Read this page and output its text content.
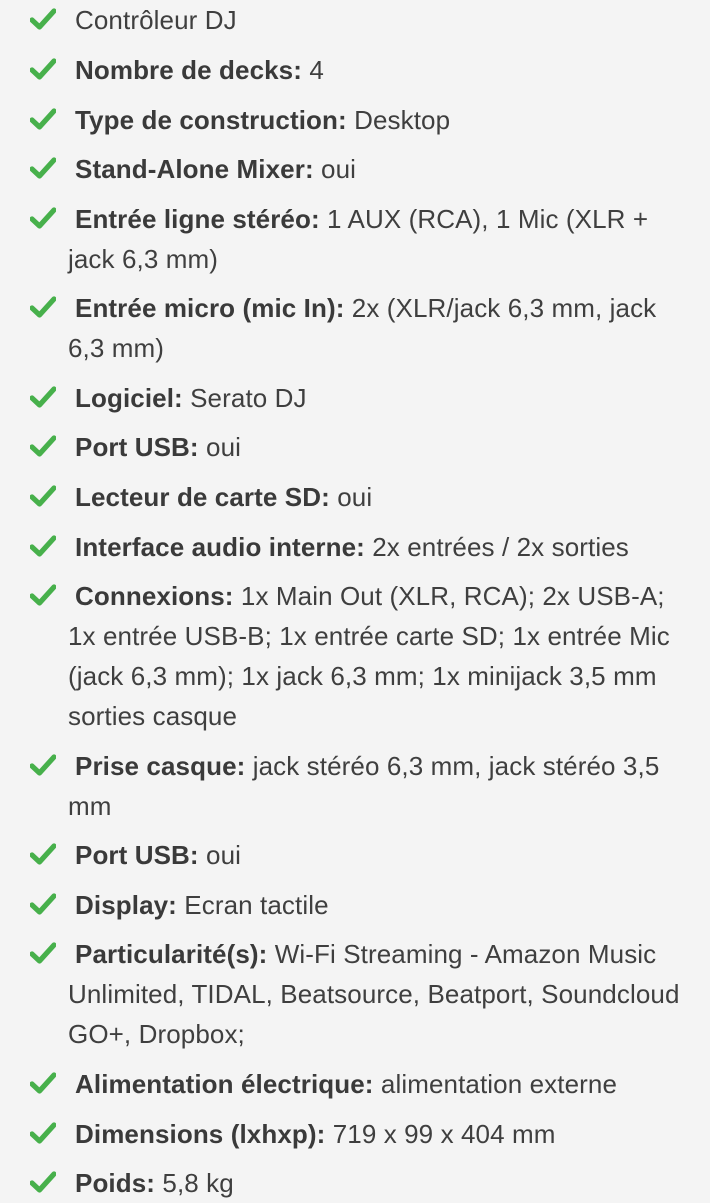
Contrôleur DJ
Nombre de decks: 4
Type de construction: Desktop
Stand-Alone Mixer: oui
Entrée ligne stéréo: 1 AUX (RCA), 1 Mic (XLR + jack 6,3 mm)
Entrée micro (mic In): 2x (XLR/jack 6,3 mm, jack 6,3 mm)
Logiciel: Serato DJ
Port USB: oui
Lecteur de carte SD: oui
Interface audio interne: 2x entrées / 2x sorties
Connexions: 1x Main Out (XLR, RCA); 2x USB-A; 1x entrée USB-B; 1x entrée carte SD; 1x entrée Mic (jack 6,3 mm); 1x jack 6,3 mm; 1x minijack 3,5 mm sorties casque
Prise casque: jack stéréo 6,3 mm, jack stéréo 3,5 mm
Port USB: oui
Display: Ecran tactile
Particularité(s): Wi-Fi Streaming - Amazon Music Unlimited, TIDAL, Beatsource, Beatport, Soundcloud GO+, Dropbox;
Alimentation électrique: alimentation externe
Dimensions (lxhxp): 719 x 99 x 404 mm
Poids: 5,8 kg
